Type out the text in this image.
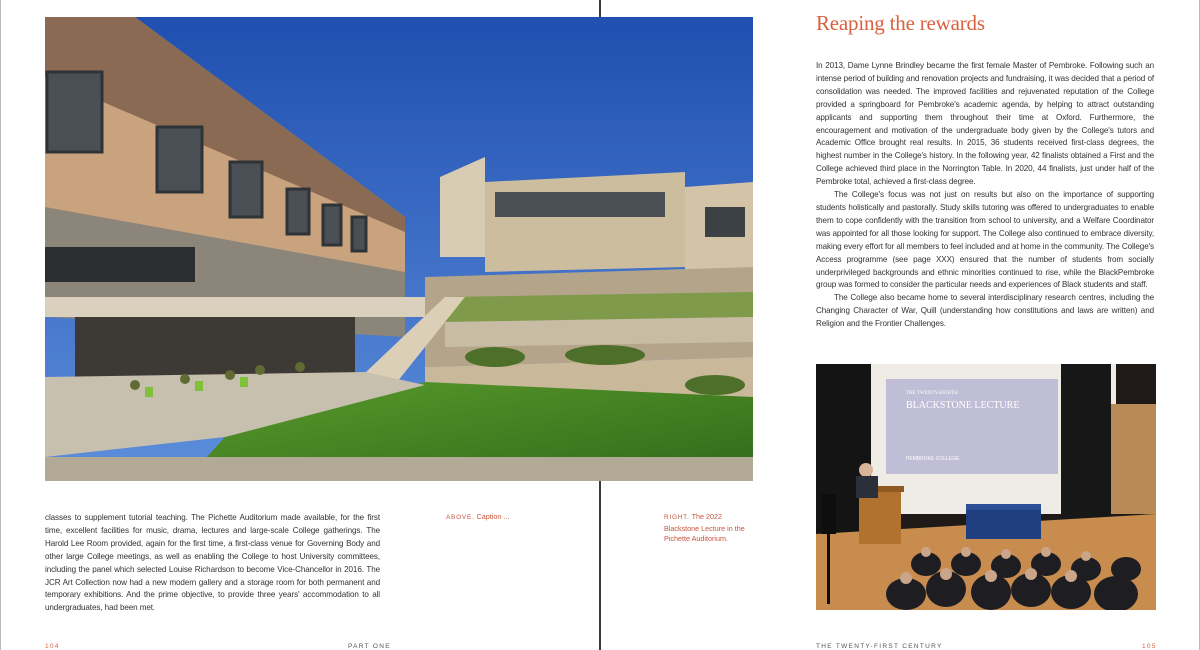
classes to supplement tutorial teaching. The Pichette Auditorium made available, for the first time, excellent facilities for music, drama, lectures and large-scale College gatherings. The Harold Lee Room provided, again for the first time, a first-class venue for Governing Body and other large College meetings, as well as enabling the College to host University committees, including the panel which selected Louise Richardson to become Vice-Chancellor in 2016. The JCR Art Collection now had a new modern gallery and a storage room for both permanent and temporary exhibitions. And the prime objective, to provide three years' accommodation to all undergraduates, had been met.

ABOVE. Caption ...	RIGHT. The 2022 Blackstone Lecture in the Pichette Auditorium.
Reaping the rewards

In 2013, Dame Lynne Brindley became the first female Master of Pembroke. Following such an intense period of building and renovation projects and fundraising, it was decided that a period of consolidation was needed. The improved facilities and rejuvenated reputation of the College provided a springboard for Pembroke's academic agenda, by helping to attract outstanding applicants and supporting them throughout their time at Oxford. Furthermore, the encouragement and motivation of the undergraduate body given by the College's tutors and Academic Office brought real results. In 2015, 36 students received first-class degrees, the highest number in the College's history. In the following year, 42 finalists obtained a First and the College achieved third place in the Norrington Table. In 2020, 44 finalists, just under half of the Pembroke total, achieved a first-class degree.

The College's focus was not just on results but also on the importance of supporting students holistically and pastorally. Study skills tutoring was offered to undergraduates to enable them to cope confidently with the transition from school to university, and a Welfare Coordinator was appointed for all those looking for support. The College also continued to embrace diversity, making every effort for all members to feel included and at home in the community. The College's Access programme (see page XXX) ensured that the number of students from socially underprivileged backgrounds and ethnic minorities continued to rise, while the BlackPembroke group was formed to consider the particular needs and experiences of Black students and staff.

The College also became home to several interdisciplinary research centres, including the Changing Character of War, Quill (understanding how constitutions and laws are written) and Religion and the Frontier Challenges.

THE TWENTY-EIGHTH
BLACKSTONE LECTURE
PEMBROKE COLLEGE
104	PART ONE	THE TWENTY-FIRST CENTURY	105
